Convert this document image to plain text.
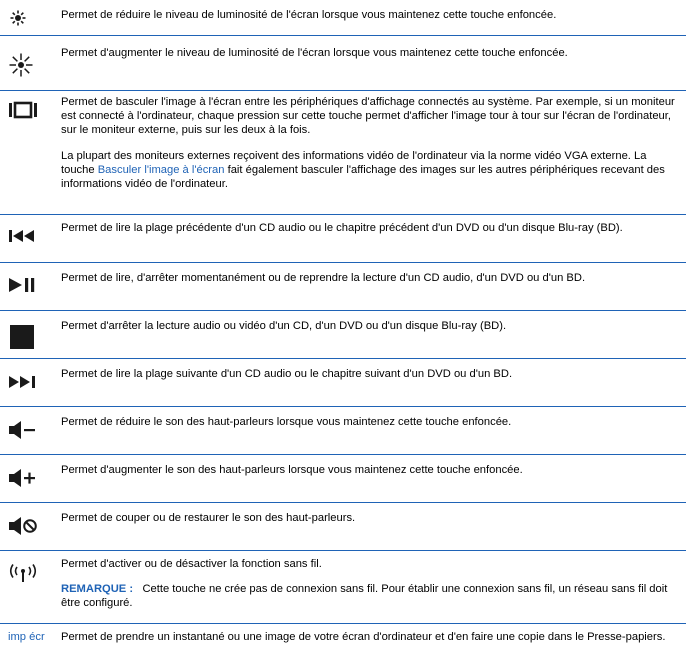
Permet de réduire le niveau de luminosité de l'écran lorsque vous maintenez cette touche enfoncée.

Permet d'augmenter le niveau de luminosité de l'écran lorsque vous maintenez cette touche enfoncée.

Permet de basculer l'image à l'écran entre les périphériques d'affichage connectés au système. Par exemple, si un moniteur est connecté à l'ordinateur, chaque pression sur cette touche permet d'afficher l'image tour à tour sur l'écran de l'ordinateur, sur le moniteur externe, puis sur les deux à la fois.

La plupart des moniteurs externes reçoivent des informations vidéo de l'ordinateur via la norme vidéo VGA externe. La touche Basculer l'image à l'écran fait également basculer l'affichage des images sur les autres périphériques recevant des informations vidéo de l'ordinateur.

Permet de lire la plage précédente d'un CD audio ou le chapitre précédent d'un DVD ou d'un disque Blu-ray (BD).

Permet de lire, d'arrêter momentanément ou de reprendre la lecture d'un CD audio, d'un DVD ou d'un BD.

Permet d'arrêter la lecture audio ou vidéo d'un CD, d'un DVD ou d'un disque Blu-ray (BD).

Permet de lire la plage suivante d'un CD audio ou le chapitre suivant d'un DVD ou d'un BD.

Permet de réduire le son des haut-parleurs lorsque vous maintenez cette touche enfoncée.

Permet d'augmenter le son des haut-parleurs lorsque vous maintenez cette touche enfoncée.

Permet de couper ou de restaurer le son des haut-parleurs.

Permet d'activer ou de désactiver la fonction sans fil.

REMARQUE : Cette touche ne crée pas de connexion sans fil. Pour établir une connexion sans fil, un réseau sans fil doit être configuré.

imp écr Permet de prendre un instantané ou une image de votre écran d'ordinateur et d'en faire une copie dans le Presse-papiers.
